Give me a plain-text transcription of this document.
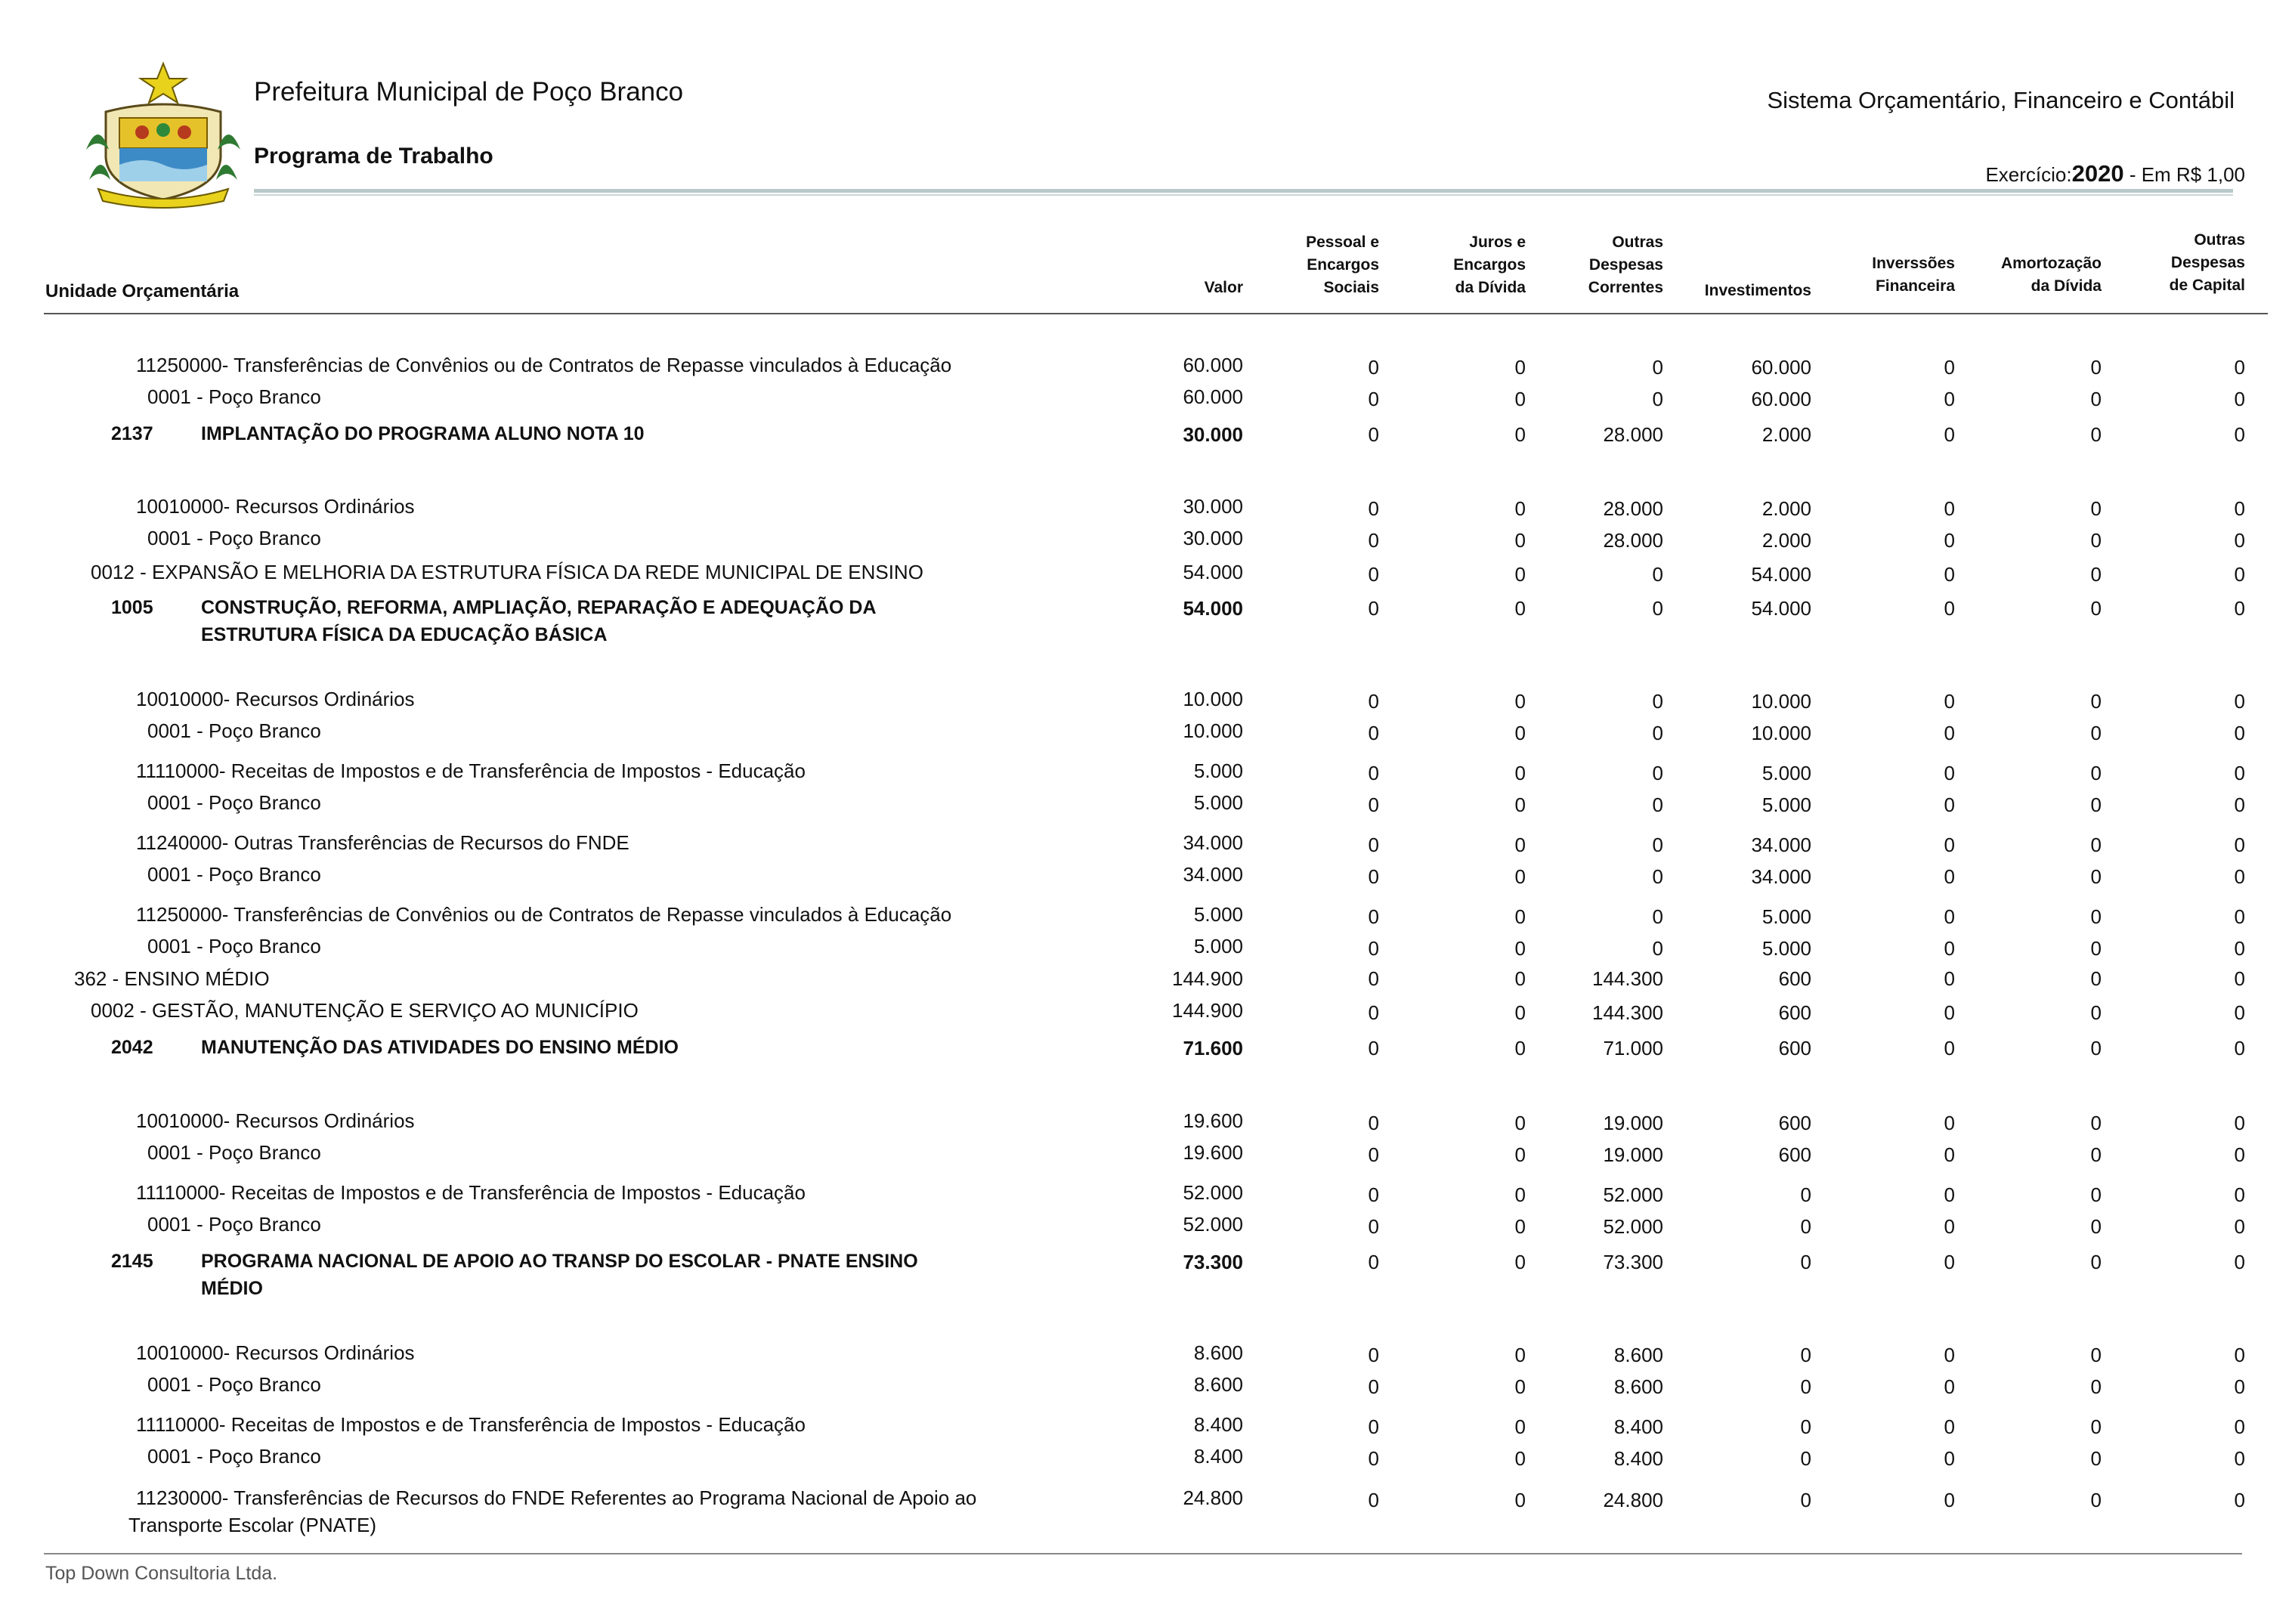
Prefeitura Municipal de Poço Branco
Programa de Trabalho
Sistema Orçamentário, Financeiro e Contábil
Exercício:2020 - Em R$ 1,00
Unidade Orçamentária	Valor
Pessoal e
Encargos
Sociais
Juros e
Encargos
da Dívida
Outras
Despesas
Correntes	Investimentos
Inverssões
Financeira
Amortozação
da Dívida
Outras
Despesas
de Capital
11250000- Transferências de Convênios ou de Contratos de Repasse vinculados à Educação	60.000	0	0	0	60.000	0	0	0
0001 - Poço Branco	60.000	0	0	0	60.000	0	0	0
2137	IMPLANTAÇÃO DO PROGRAMA ALUNO NOTA 10	30.000	0	0	28.000	2.000	0	0	0
10010000- Recursos Ordinários	30.000	0	0	28.000	2.000	0	0	0
0001 - Poço Branco	30.000	0	0	28.000	2.000	0	0	0
0012 - EXPANSÃO E MELHORIA DA ESTRUTURA FÍSICA DA REDE MUNICIPAL DE ENSINO	54.000	0	0	0	54.000	0	0	0
1005	CONSTRUÇÃO, REFORMA, AMPLIAÇÃO, REPARAÇÃO E ADEQUAÇÃO DA
ESTRUTURA FÍSICA DA EDUCAÇÃO BÁSICA
54.000	0	0	0	54.000	0	0	0
10010000- Recursos Ordinários	10.000	0	0	0	10.000	0	0	0
0001 - Poço Branco	10.000	0	0	0	10.000	0	0	0
11110000- Receitas de Impostos e de Transferência de Impostos - Educação	5.000	0	0	0	5.000	0	0	0
0001 - Poço Branco	5.000	0	0	0	5.000	0	0	0
11240000- Outras Transferências de Recursos do FNDE	34.000	0	0	0	34.000	0	0	0
0001 - Poço Branco	34.000	0	0	0	34.000	0	0	0
11250000- Transferências de Convênios ou de Contratos de Repasse vinculados à Educação	5.000	0	0	0	5.000	0	0	0
0001 - Poço Branco	5.000	0	0	0	5.000	0	0	0
362 - ENSINO MÉDIO	144.900	0	0	144.300	600	0	0	0
0002 - GESTÃO, MANUTENÇÃO E SERVIÇO AO MUNICÍPIO	144.900	0	0	144.300	600	0	0	0
2042	MANUTENÇÃO DAS ATIVIDADES DO ENSINO MÉDIO	71.600	0	0	71.000	600	0	0	0
10010000- Recursos Ordinários	19.600	0	0	19.000	600	0	0	0
0001 - Poço Branco	19.600	0	0	19.000	600	0	0	0
11110000- Receitas de Impostos e de Transferência de Impostos - Educação	52.000	0	0	52.000	0	0	0	0
0001 - Poço Branco	52.000	0	0	52.000	0	0	0	0
2145	PROGRAMA NACIONAL DE APOIO AO TRANSP DO ESCOLAR - PNATE ENSINO
MÉDIO
73.300	0	0	73.300	0	0	0	0
10010000- Recursos Ordinários	8.600	0	0	8.600	0	0	0	0
0001 - Poço Branco	8.600	0	0	8.600	0	0	0	0
11110000- Receitas de Impostos e de Transferência de Impostos - Educação	8.400	0	0	8.400	0	0	0	0
0001 - Poço Branco	8.400	0	0	8.400	0	0	0	0
11230000- Transferências de Recursos do FNDE Referentes ao Programa Nacional de Apoio ao
Transporte Escolar (PNATE)
24.800	0	0	24.800	0	0	0	0
Top Down Consultoria Ltda.
